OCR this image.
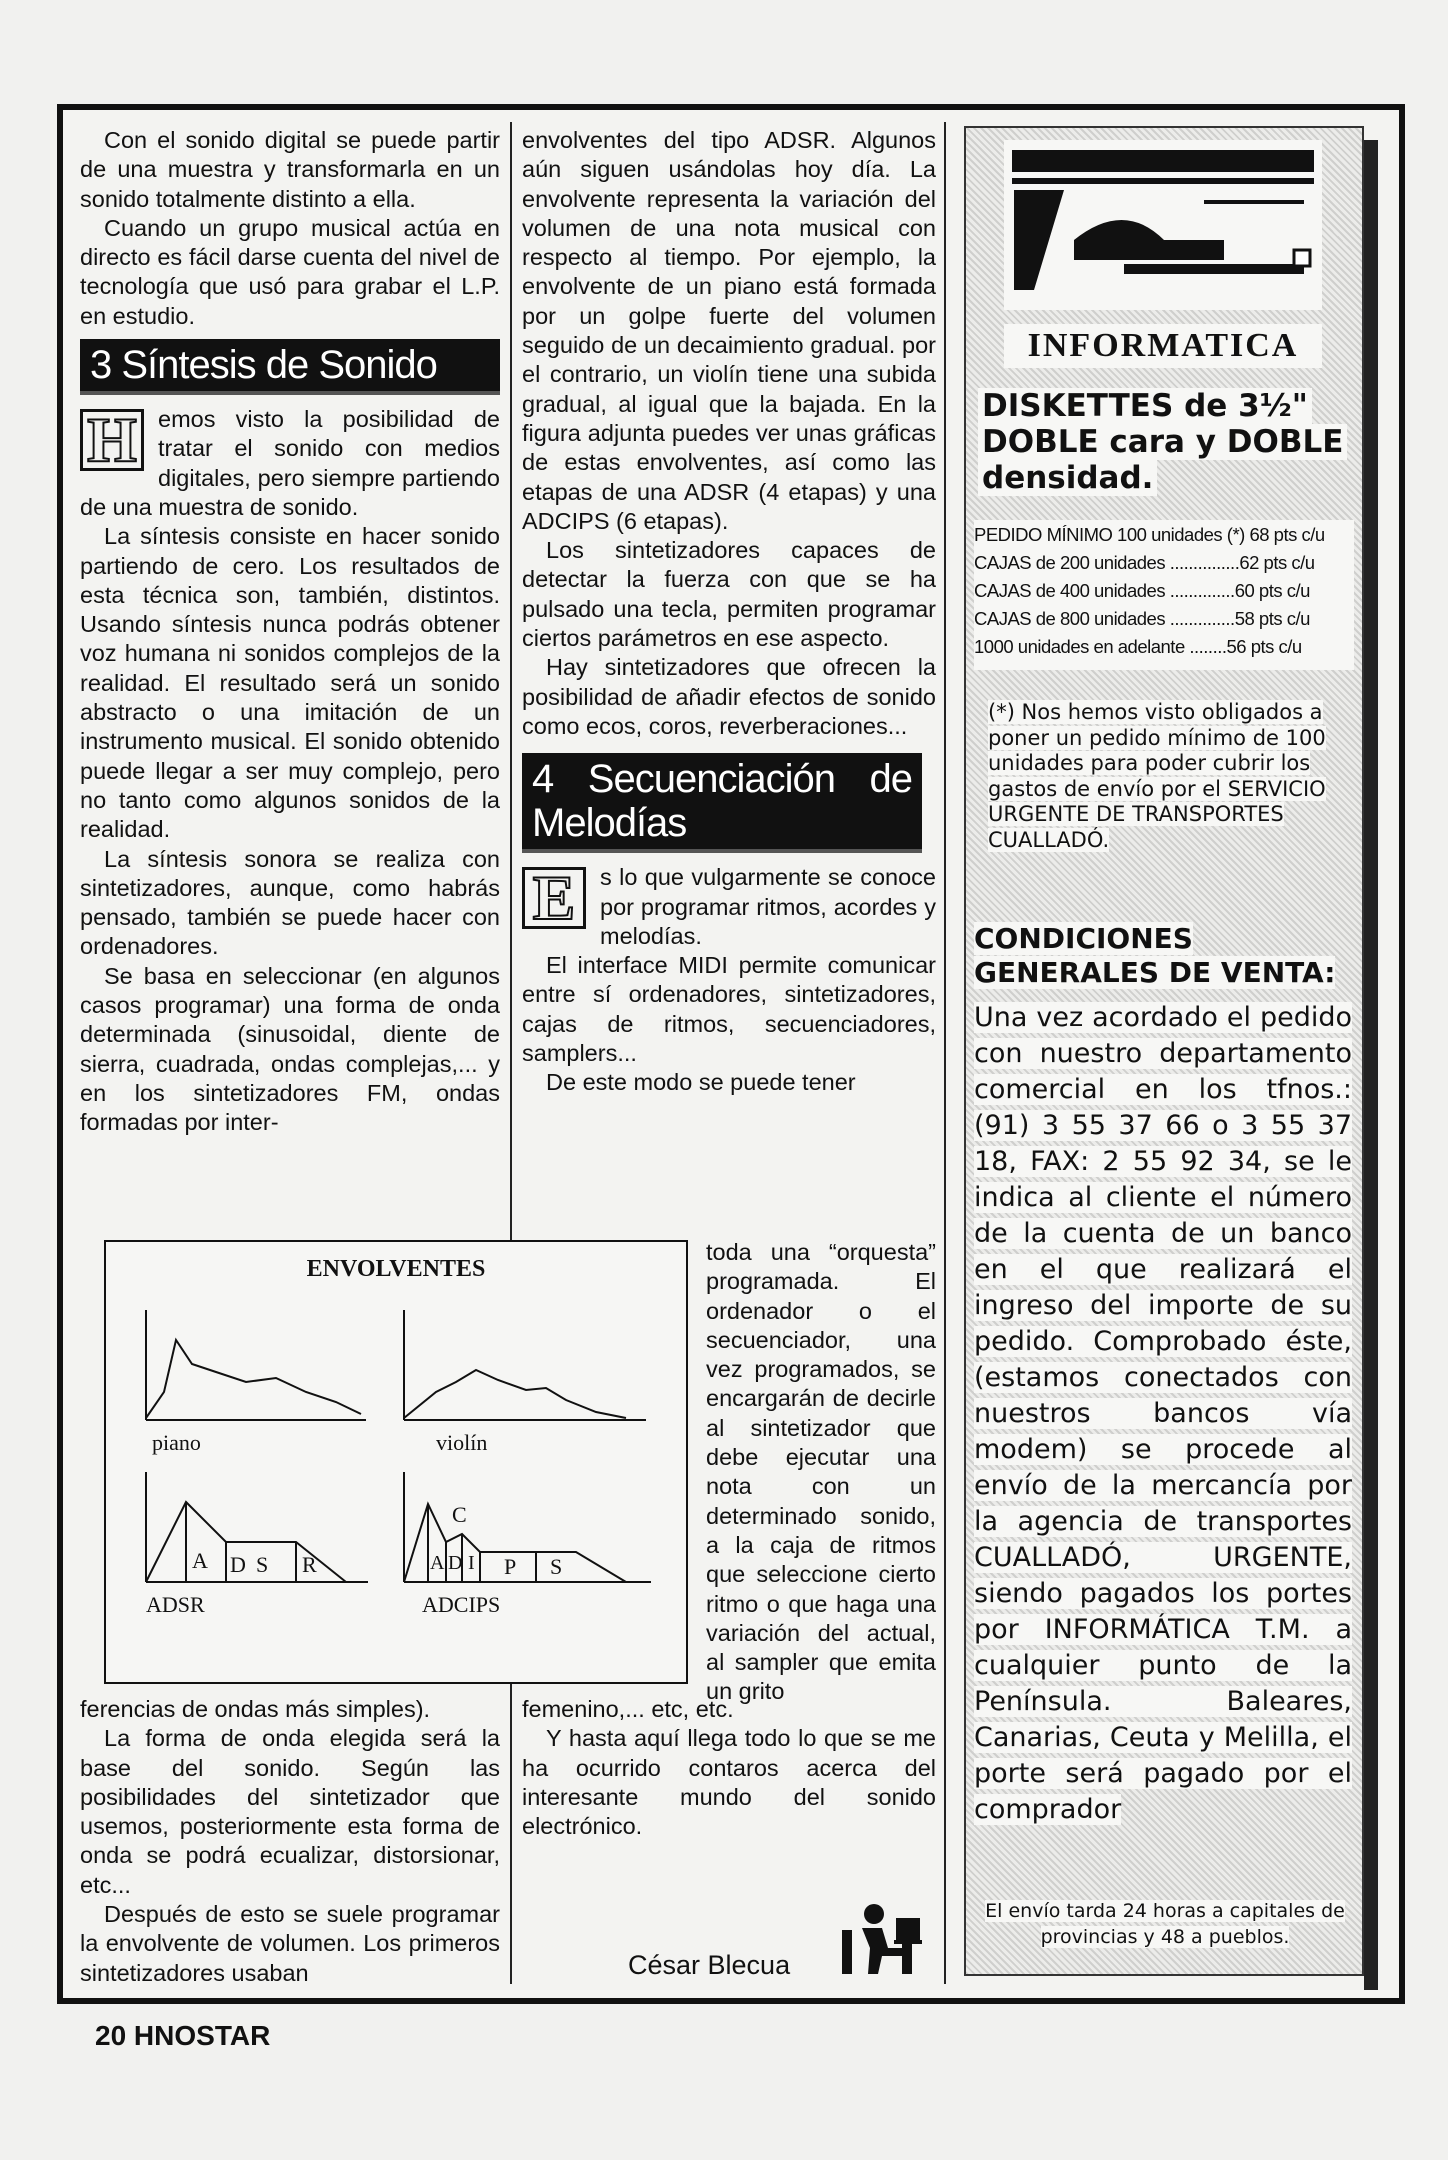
Con el sonido digital se puede partir de una muestra y transformarla en un sonido totalmente distinto a ella.

Cuando un grupo musical actúa en directo es fácil darse cuenta del nivel de tecnología que usó para grabar el L.P. en estudio.

3 Síntesis de Sonido

H emos visto la posibilidad de tratar el sonido con medios digitales, pero siempre partiendo de una muestra de sonido.

La síntesis consiste en hacer sonido partiendo de cero. Los resultados de esta técnica son, también, distintos. Usando síntesis nunca podrás obtener voz humana ni sonidos complejos de la realidad. El resultado será un sonido abstracto o una imitación de un instrumento musical. El sonido obtenido puede llegar a ser muy complejo, pero no tanto como algunos sonidos de la realidad.

La síntesis sonora se realiza con sintetizadores, aunque, como habrás pensado, también se puede hacer con ordenadores.

Se basa en seleccionar (en algunos casos programar) una forma de onda determinada (sinusoidal, diente de sierra, cuadrada, ondas complejas,... y en los sintetizadores FM, ondas formadas por inter-

ferencias de ondas más simples).

La forma de onda elegida será la base del sonido. Según las posibilidades del sintetizador que usemos, posteriormente esta forma de onda se podrá ecualizar, distorsionar, etc...

Después de esto se suele programar la envolvente de volumen. Los primeros sintetizadores usaban

envolventes del tipo ADSR. Algunos aún siguen usándolas hoy día. La envolvente representa la variación del volumen de una nota musical con respecto al tiempo. Por ejemplo, la envolvente de un piano está formada por un golpe fuerte del volumen seguido de un decaimiento gradual. por el contrario, un violín tiene una subida gradual, al igual que la bajada. En la figura adjunta puedes ver unas gráficas de estas envolventes, así como las etapas de una ADSR (4 etapas) y una ADCIPS (6 etapas).

Los sintetizadores capaces de detectar la fuerza con que se ha pulsado una tecla, permiten programar ciertos parámetros en ese aspecto.

Hay sintetizadores que ofrecen la posibilidad de añadir efectos de sonido como ecos, coros, reverberaciones...

4 Secuenciación de Melodías

E	s lo que vulgarmente se conoce por programar ritmos, acordes y melodías.

El interface MIDI permite comunicar entre sí ordenadores, sintetizadores, cajas de ritmos, secuenciadores, samplers...

De este modo se puede tener

toda una “orquesta” programada. El ordenador o el secuenciador, una vez programados, se encargarán de decirle al sintetizador que debe ejecutar una nota con un determinado sonido, a la caja de ritmos que seleccione cierto ritmo o que haga una variación del actual, al sampler que emita un grito

femenino,... etc, etc.

Y hasta aquí llega todo lo que se me ha ocurrido contaros acerca del interesante mundo del sonido electrónico.

ENVOLVENTES
piano	violín
ADSR	ADCIPS
A D S R	A D I P S
C
César Blecua
20 HNOSTAR
INFORMATICA
DISKETTES de 3½"
DOBLE cara y DOBLE
densidad.
PEDIDO MÍNIMO 100 unidades (*) 68 pts c/u
CAJAS de 200 unidades ...............62 pts c/u
CAJAS de 400 unidades ..............60 pts c/u
CAJAS de 800 unidades ..............58 pts c/u
1000 unidades en adelante ........56 pts c/u
(*) Nos hemos visto obligados a poner un pedido mínimo de 100 unidades para poder cubrir los gastos de envío por el SERVICIO URGENTE DE TRANSPORTES CUALLADÓ.
CONDICIONES GENERALES DE VENTA:
Una vez acordado el pedido con nuestro departamento comercial en los tfnos.: (91) 3 55 37 66 o 3 55 37 18, FAX: 2 55 92 34, se le indica al cliente el número de la cuenta de un banco en el que realizará el ingreso del importe de su pedido. Comprobado éste, (estamos conectados con nuestros bancos vía modem) se procede al envío de la mercancía por la agencia de transportes CUALLADÓ, URGENTE, siendo pagados los portes por INFORMÁTICA T.M. a cualquier punto de la Península. Baleares, Canarias, Ceuta y Melilla, el porte será pagado por el comprador
El envío tarda 24 horas a capitales de provincias y 48 a pueblos.
